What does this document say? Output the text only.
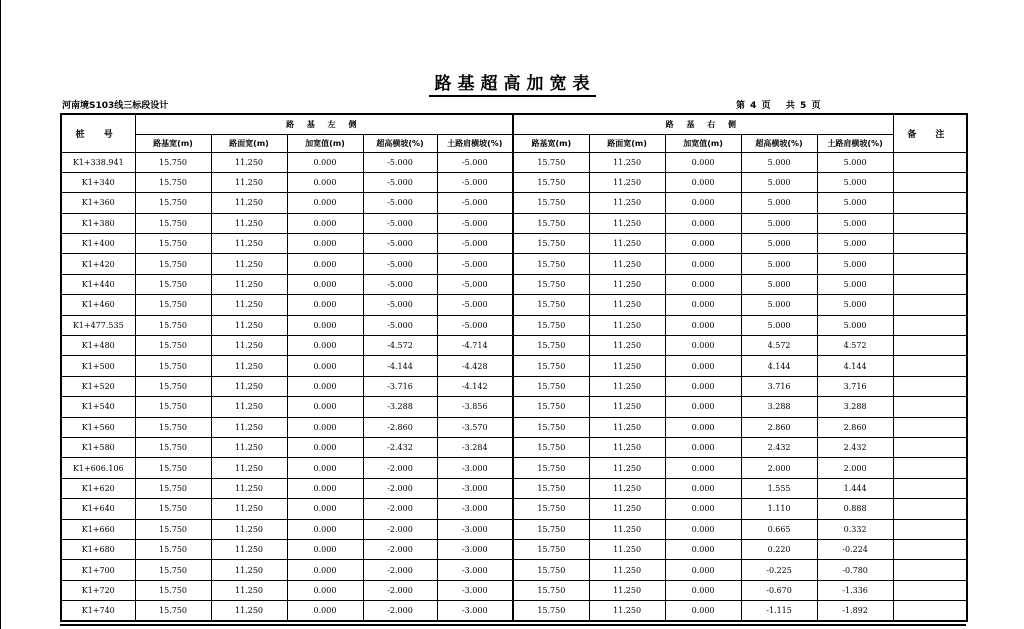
路基超高加宽表
河南境S103线三标段设计	第 4 页   共 5 页
桩 号	路 基 左 侧					路 基 右 侧					备 注
	路基宽(m)	路面宽(m)	加宽值(m)	超高横坡(%)	土路肩横坡(%)	路基宽(m)	路面宽(m)	加宽值(m)	超高横坡(%)	土路肩横坡(%)	
K1+338.941	15.750	11.250	0.000	-5.000	-5.000	15.750	11.250	0.000	5.000	5.000	
K1+340	15.750	11.250	0.000	-5.000	-5.000	15.750	11.250	0.000	5.000	5.000	
K1+360	15.750	11.250	0.000	-5.000	-5.000	15.750	11.250	0.000	5.000	5.000	
K1+380	15.750	11.250	0.000	-5.000	-5.000	15.750	11.250	0.000	5.000	5.000	
K1+400	15.750	11.250	0.000	-5.000	-5.000	15.750	11.250	0.000	5.000	5.000	
K1+420	15.750	11.250	0.000	-5.000	-5.000	15.750	11.250	0.000	5.000	5.000	
K1+440	15.750	11.250	0.000	-5.000	-5.000	15.750	11.250	0.000	5.000	5.000	
K1+460	15.750	11.250	0.000	-5.000	-5.000	15.750	11.250	0.000	5.000	5.000	
K1+477.535	15.750	11.250	0.000	-5.000	-5.000	15.750	11.250	0.000	5.000	5.000	
K1+480	15.750	11.250	0.000	-4.572	-4.714	15.750	11.250	0.000	4.572	4.572	
K1+500	15.750	11.250	0.000	-4.144	-4.428	15.750	11.250	0.000	4.144	4.144	
K1+520	15.750	11.250	0.000	-3.716	-4.142	15.750	11.250	0.000	3.716	3.716	
K1+540	15.750	11.250	0.000	-3.288	-3.856	15.750	11.250	0.000	3.288	3.288	
K1+560	15.750	11.250	0.000	-2.860	-3.570	15.750	11.250	0.000	2.860	2.860	
K1+580	15.750	11.250	0.000	-2.432	-3.284	15.750	11.250	0.000	2.432	2.432	
K1+606.106	15.750	11.250	0.000	-2.000	-3.000	15.750	11.250	0.000	2.000	2.000	
K1+620	15.750	11.250	0.000	-2.000	-3.000	15.750	11.250	0.000	1.555	1.444	
K1+640	15.750	11.250	0.000	-2.000	-3.000	15.750	11.250	0.000	1.110	0.888	
K1+660	15.750	11.250	0.000	-2.000	-3.000	15.750	11.250	0.000	0.665	0.332	
K1+680	15.750	11.250	0.000	-2.000	-3.000	15.750	11.250	0.000	0.220	-0.224	
K1+700	15.750	11.250	0.000	-2.000	-3.000	15.750	11.250	0.000	-0.225	-0.780	
K1+720	15.750	11.250	0.000	-2.000	-3.000	15.750	11.250	0.000	-0.670	-1.336	
K1+740	15.750	11.250	0.000	-2.000	-3.000	15.750	11.250	0.000	-1.115	-1.892	
